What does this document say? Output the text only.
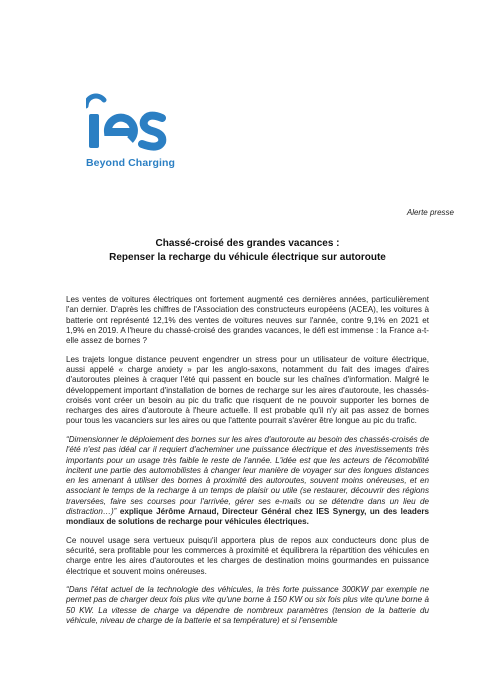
Beyond Charging
Alerte presse
Chassé-croisé des grandes vacances :
Repenser la recharge du véhicule électrique sur autoroute

Les ventes de voitures électriques ont fortement augmenté ces dernières années, particulièrement l'an dernier. D'après les chiffres de l'Association des constructeurs européens (ACEA), les voitures à batterie ont représenté 12,1% des ventes de voitures neuves sur l'année, contre 9,1% en 2021 et 1,9% en 2019. A l'heure du chassé-croisé des grandes vacances, le défi est immense : la France a-t-elle assez de bornes ?

Les trajets longue distance peuvent engendrer un stress pour un utilisateur de voiture électrique, aussi appelé « charge anxiety » par les anglo-saxons, notamment du fait des images d'aires d'autoroutes pleines à craquer l'été qui passent en boucle sur les chaînes d'information. Malgré le développement important d'installation de bornes de recharge sur les aires d'autoroute, les chassés-croisés vont créer un besoin au pic du trafic que risquent de ne pouvoir supporter les bornes de recharges des aires d'autoroute à l'heure actuelle. Il est probable qu'il n'y ait pas assez de bornes pour tous les vacanciers sur les aires ou que l'attente pourrait s'avérer être longue au pic du trafic.

“Dimensionner le déploiement des bornes sur les aires d'autoroute au besoin des chassés-croisés de l'été n'est pas idéal car il requiert d'acheminer une puissance électrique et des investissements très importants pour un usage très faible le reste de l'année. L'idée est que les acteurs de l'écomobilité incitent une partie des automobilistes à changer leur manière de voyager sur des longues distances en les amenant à utiliser des bornes à proximité des autoroutes, souvent moins onéreuses, et en associant le temps de la recharge à un temps de plaisir ou utile (se restaurer, découvrir des régions traversées, faire ses courses pour l'arrivée, gérer ses e-mails ou se détendre dans un lieu de distraction…)” explique Jérôme Arnaud, Directeur Général chez IES Synergy, un des leaders mondiaux de solutions de recharge pour véhicules électriques.

Ce nouvel usage sera vertueux puisqu'il apportera plus de repos aux conducteurs donc plus de sécurité, sera profitable pour les commerces à proximité et équilibrera la répartition des véhicules en charge entre les aires d'autoroutes et les charges de destination moins gourmandes en puissance électrique et souvent moins onéreuses.

“Dans l'état actuel de la technologie des véhicules, la très forte puissance 300KW par exemple ne permet pas de charger deux fois plus vite qu'une borne à 150 KW ou six fois plus vite qu'une borne à 50 KW. La vitesse de charge va dépendre de nombreux paramètres (tension de la batterie du véhicule, niveau de charge de la batterie et sa température) et si l'ensemble
